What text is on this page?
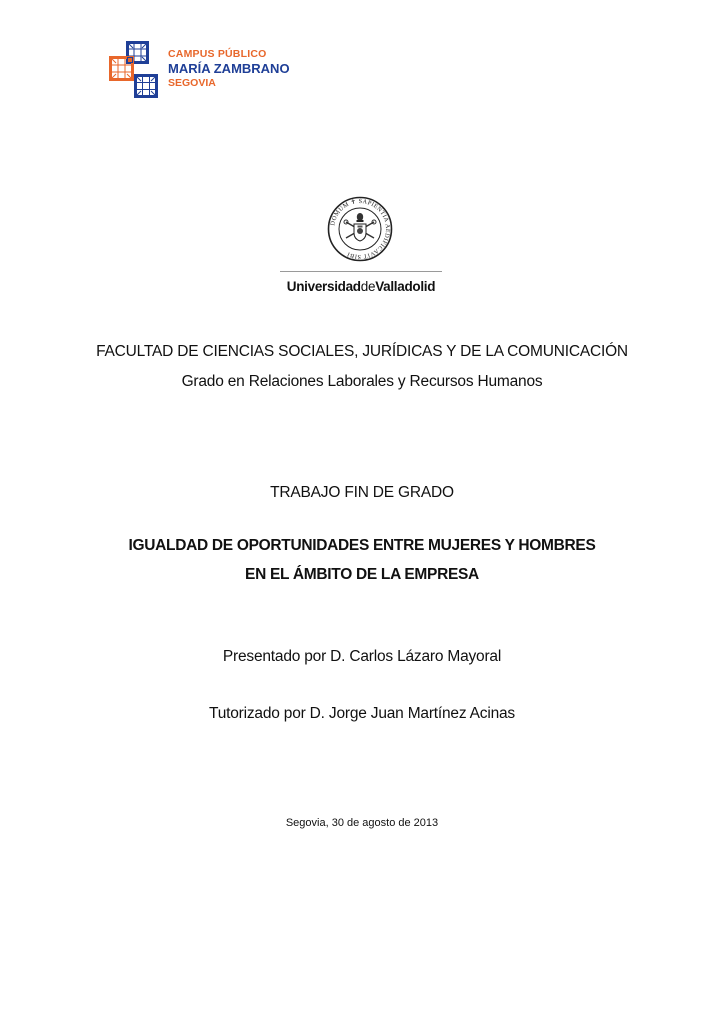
CAMPUS PÚBLICO
MARÍA ZAMBRANO
SEGOVIA
DOMUM ✝ SAPIENTIA AEDIFICAVIT SIBI
UniversidaddeValladolid
FACULTAD DE CIENCIAS SOCIALES, JURÍDICAS Y DE LA COMUNICACIÓN
Grado en Relaciones Laborales y Recursos Humanos
TRABAJO FIN DE GRADO
IGUALDAD DE OPORTUNIDADES ENTRE MUJERES Y HOMBRES
EN EL ÁMBITO DE LA EMPRESA
Presentado por D. Carlos Lázaro Mayoral
Tutorizado por D. Jorge Juan Martínez Acinas
Segovia, 30 de agosto de 2013
